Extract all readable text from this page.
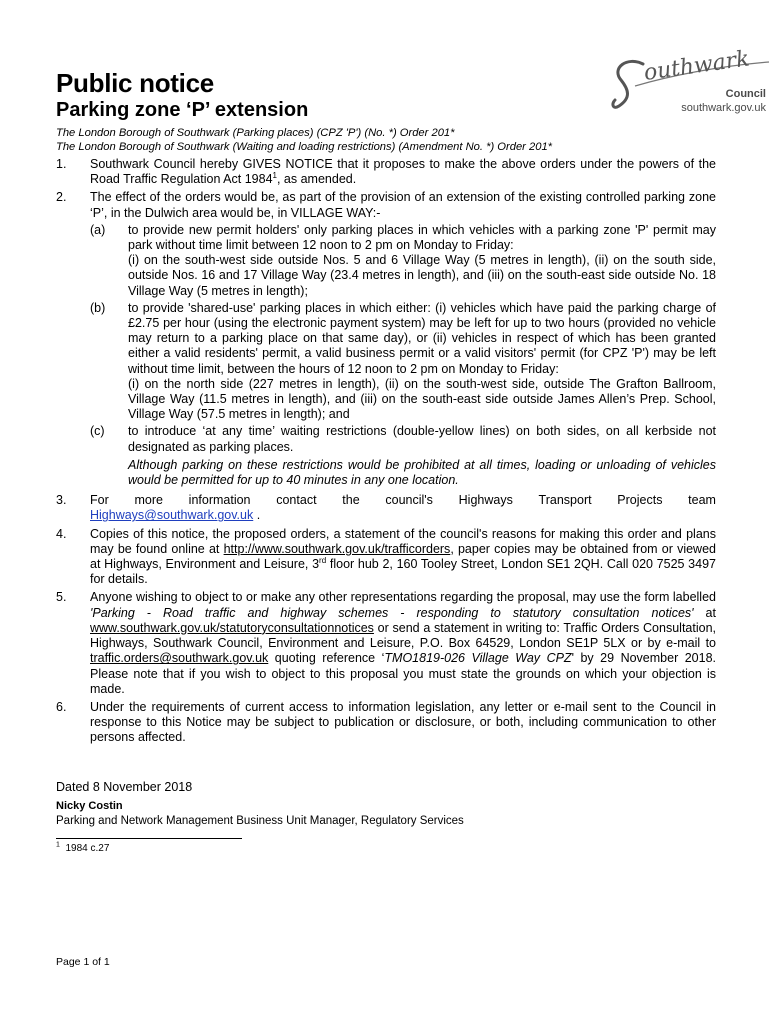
outhwark
Council
southwark.gov.uk
Public notice
Parking zone ‘P’ extension
The London Borough of Southwark (Parking places) (CPZ 'P') (No. *) Order 201*
The London Borough of Southwark (Waiting and loading restrictions) (Amendment No. *) Order 201*
1.	Southwark Council hereby GIVES NOTICE that it proposes to make the above orders under the powers of the Road Traffic Regulation Act 1984$^1$, as amended.
2.	The effect of the orders would be, as part of the provision of an extension of the existing controlled parking zone ‘P’, in the Dulwich area would be, in VILLAGE WAY:-
(a)	to provide new permit holders' only parking places in which vehicles with a parking zone 'P' permit may park without time limit between 12 noon to 2 pm on Monday to Friday:
(i) on the south-west side outside Nos. 5 and 6 Village Way (5 metres in length), (ii) on the south side, outside Nos. 16 and 17 Village Way (23.4 metres in length), and (iii) on the south-east side outside No. 18 Village Way (5 metres in length);
(b)	to provide 'shared-use' parking places in which either: (i) vehicles which have paid the parking charge of £2.75 per hour (using the electronic payment system) may be left for up to two hours (provided no vehicle may return to a parking place on that same day), or (ii) vehicles in respect of which has been granted either a valid residents' permit, a valid business permit or a valid visitors' permit (for CPZ 'P') may be left without time limit, between the hours of 12 noon to 2 pm on Monday to Friday:
(i) on the north side (227 metres in length), (ii) on the south-west side, outside The Grafton Ballroom, Village Way (11.5 metres in length), and (iii) on the south-east side outside James Allen’s Prep. School, Village Way (57.5 metres in length); and
(c)	to introduce ‘at any time’ waiting restrictions (double-yellow lines) on both sides, on all kerbside not designated as parking places.
Although parking on these restrictions would be prohibited at all times, loading or unloading of vehicles would be permitted for up to 40 minutes in any one location.
3.	For more information contact the council's Highways Transport Projects team
Highways@southwark.gov.uk .
4.	Copies of this notice, the proposed orders, a statement of the council's reasons for making this order and plans may be found online at http://www.southwark.gov.uk/trafficorders, paper copies may be obtained from or viewed at Highways, Environment and Leisure, 3rd floor hub 2, 160 Tooley Street, London SE1 2QH. Call 020 7525 3497 for details.
5.	Anyone wishing to object to or make any other representations regarding the proposal, may use the form labelled 'Parking - Road traffic and highway schemes - responding to statutory consultation notices' at www.southwark.gov.uk/statutoryconsultationnotices or send a statement in writing to: Traffic Orders Consultation, Highways, Southwark Council, Environment and Leisure, P.O. Box 64529, London SE1P 5LX or by e-mail to traffic.orders@southwark.gov.uk quoting reference ‘TMO1819-026 Village Way CPZ' by 29 November 2018. Please note that if you wish to object to this proposal you must state the grounds on which your objection is made.
6.	Under the requirements of current access to information legislation, any letter or e-mail sent to the Council in response to this Notice may be subject to publication or disclosure, or both, including communication to other persons affected.
Dated 8 November 2018
Nicky Costin
Parking and Network Management Business Unit Manager, Regulatory Services
$^1$ 1984 c.27
Page 1 of 1
